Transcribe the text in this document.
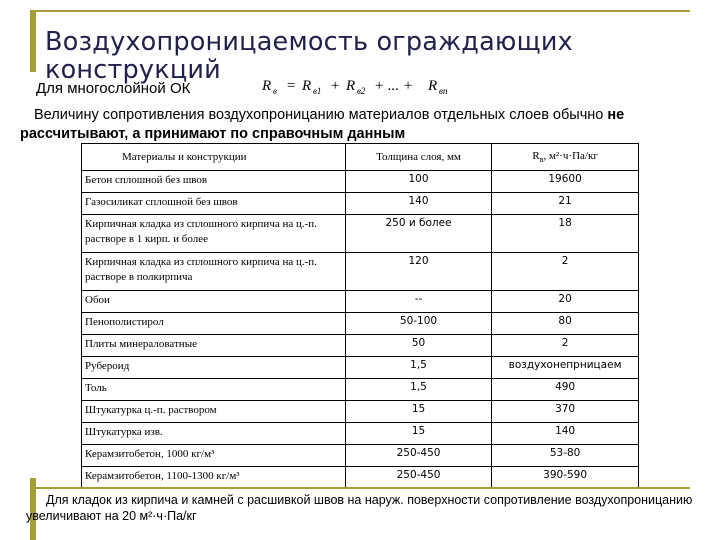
Воздухопроницаемость ограждающих конструкций
Для многослойной ОК	R в = R в1 + R в2 + ... + R вn
Величину сопротивления воздухопроницанию материалов отдельных слоев обычно не рассчитывают, а принимают по справочным данным
Материалы и конструкции	Толщина слоя, мм	$R_в$, м²·ч·Па/кг
Бетон сплошной без швов	100	19600
Газосиликат сплошной без швов	140	21
Кирпичная кладка из сплошного кирпича на ц.-п. растворе в 1 кирп. и более	250 и более	18
Кирпичная кладка из сплошного кирпича на ц.-п. растворе в полкирпича	120	2
Обои	--	20
Пенополистирол	50-100	80
Плиты минераловатные	50	2
Рубероид	1,5	воздухонепрницаем
Толь	1,5	490
Штукатурка ц.-п. раствором	15	370
Штукатурка изв.	15	140
Керамзитобетон, 1000 кг/м³	250-450	53-80
Керамзитобетон, 1100-1300 кг/м³	250-450	390-590
Для кладок из кирпича и камней с расшивкой швов на наруж. поверхности сопротивление воздухопроницанию увеличивают на 20 м²·ч·Па/кг
